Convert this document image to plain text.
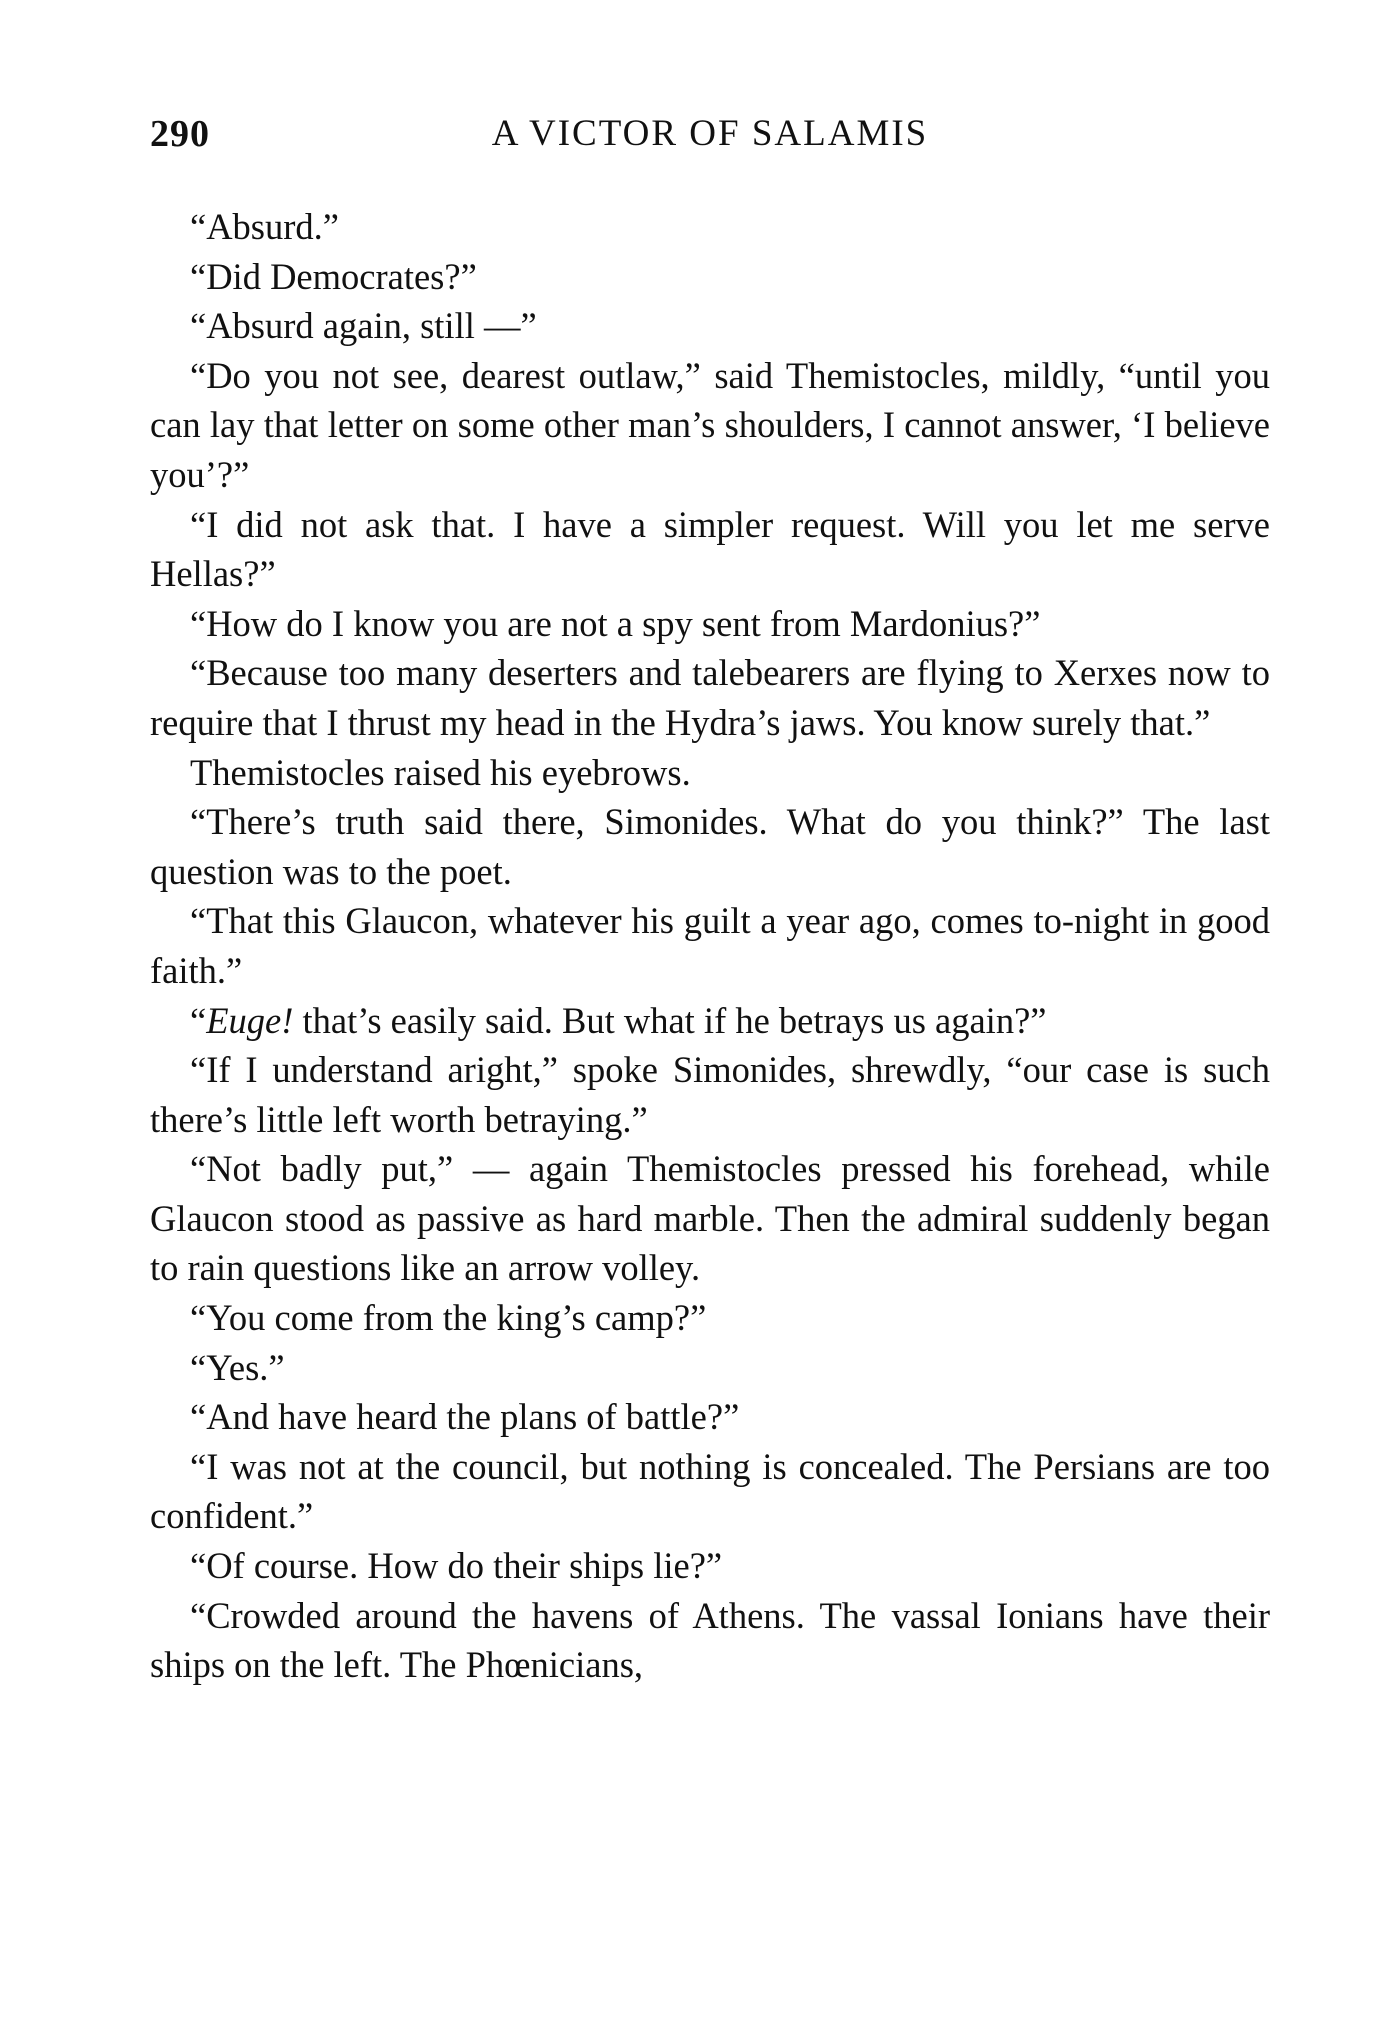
290	A VICTOR OF SALAMIS

“Absurd.”

“Did Democrates?”

“Absurd again, still —”

“Do you not see, dearest outlaw,” said Themistocles, mildly, “until you can lay that letter on some other man’s shoulders, I cannot answer, ‘I believe you’?”

“I did not ask that. I have a simpler request. Will you let me serve Hellas?”

“How do I know you are not a spy sent from Mardonius?”

“Because too many deserters and talebearers are flying to Xerxes now to require that I thrust my head in the Hydra’s jaws. You know surely that.”

Themistocles raised his eyebrows.

“There’s truth said there, Simonides. What do you think?” The last question was to the poet.

“That this Glaucon, whatever his guilt a year ago, comes to-night in good faith.”

“Euge! that’s easily said. But what if he betrays us again?”

“If I understand aright,” spoke Simonides, shrewdly, “our case is such there’s little left worth betraying.”

“Not badly put,” — again Themistocles pressed his forehead, while Glaucon stood as passive as hard marble. Then the admiral suddenly began to rain questions like an arrow volley.

“You come from the king’s camp?”

“Yes.”

“And have heard the plans of battle?”

“I was not at the council, but nothing is concealed. The Persians are too confident.”

“Of course. How do their ships lie?”

“Crowded around the havens of Athens. The vassal Ionians have their ships on the left. The Phœnicians,
